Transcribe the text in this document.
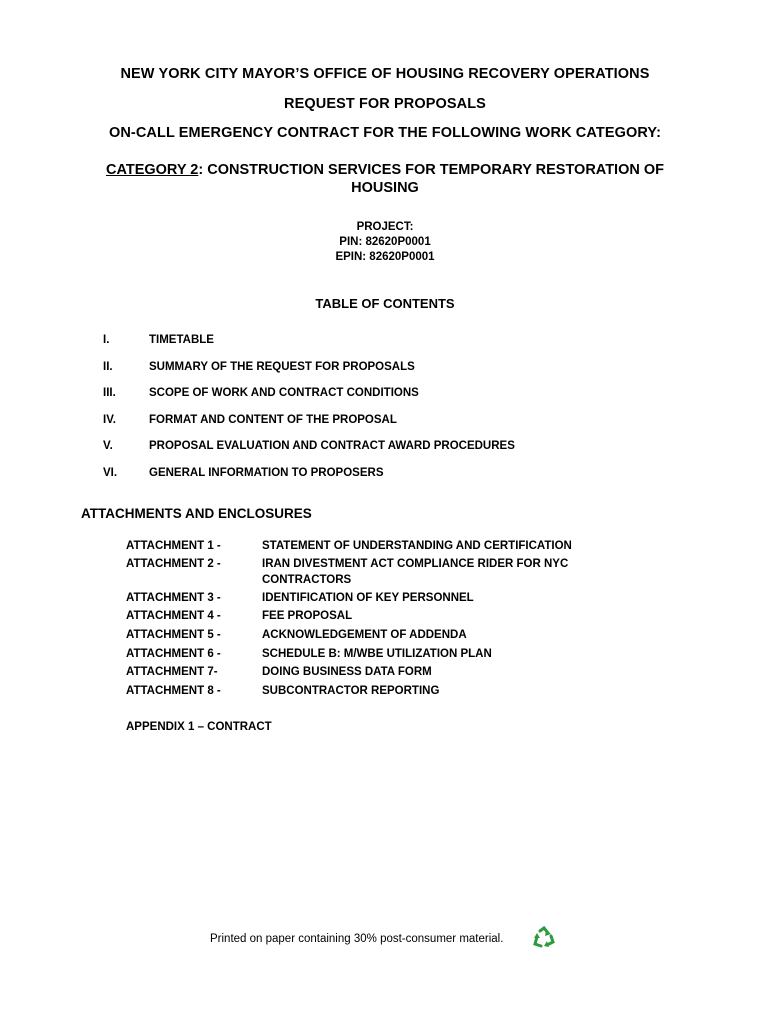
NEW YORK CITY MAYOR’S OFFICE OF HOUSING RECOVERY OPERATIONS
REQUEST FOR PROPOSALS
ON-CALL EMERGENCY CONTRACT FOR THE FOLLOWING WORK CATEGORY:
CATEGORY 2: CONSTRUCTION SERVICES FOR TEMPORARY RESTORATION OF
HOUSING
PROJECT:
PIN: 82620P0001
EPIN: 82620P0001
TABLE OF CONTENTS
I.	TIMETABLE
II.	SUMMARY OF THE REQUEST FOR PROPOSALS
III.	SCOPE OF WORK AND CONTRACT CONDITIONS
IV.	FORMAT AND CONTENT OF THE PROPOSAL
V.	PROPOSAL EVALUATION AND CONTRACT AWARD PROCEDURES
VI.	GENERAL INFORMATION TO PROPOSERS
ATTACHMENTS AND ENCLOSURES
ATTACHMENT 1 -	STATEMENT OF UNDERSTANDING AND CERTIFICATION
ATTACHMENT 2 -	IRAN DIVESTMENT ACT COMPLIANCE RIDER FOR NYC CONTRACTORS
ATTACHMENT 3 -	IDENTIFICATION OF KEY PERSONNEL
ATTACHMENT 4 -	FEE PROPOSAL
ATTACHMENT 5 -	ACKNOWLEDGEMENT OF ADDENDA
ATTACHMENT 6 -	SCHEDULE B: M/WBE UTILIZATION PLAN
ATTACHMENT 7-	DOING BUSINESS DATA FORM
ATTACHMENT 8 -	SUBCONTRACTOR REPORTING
APPENDIX 1 – CONTRACT
Printed on paper containing 30% post-consumer material.
